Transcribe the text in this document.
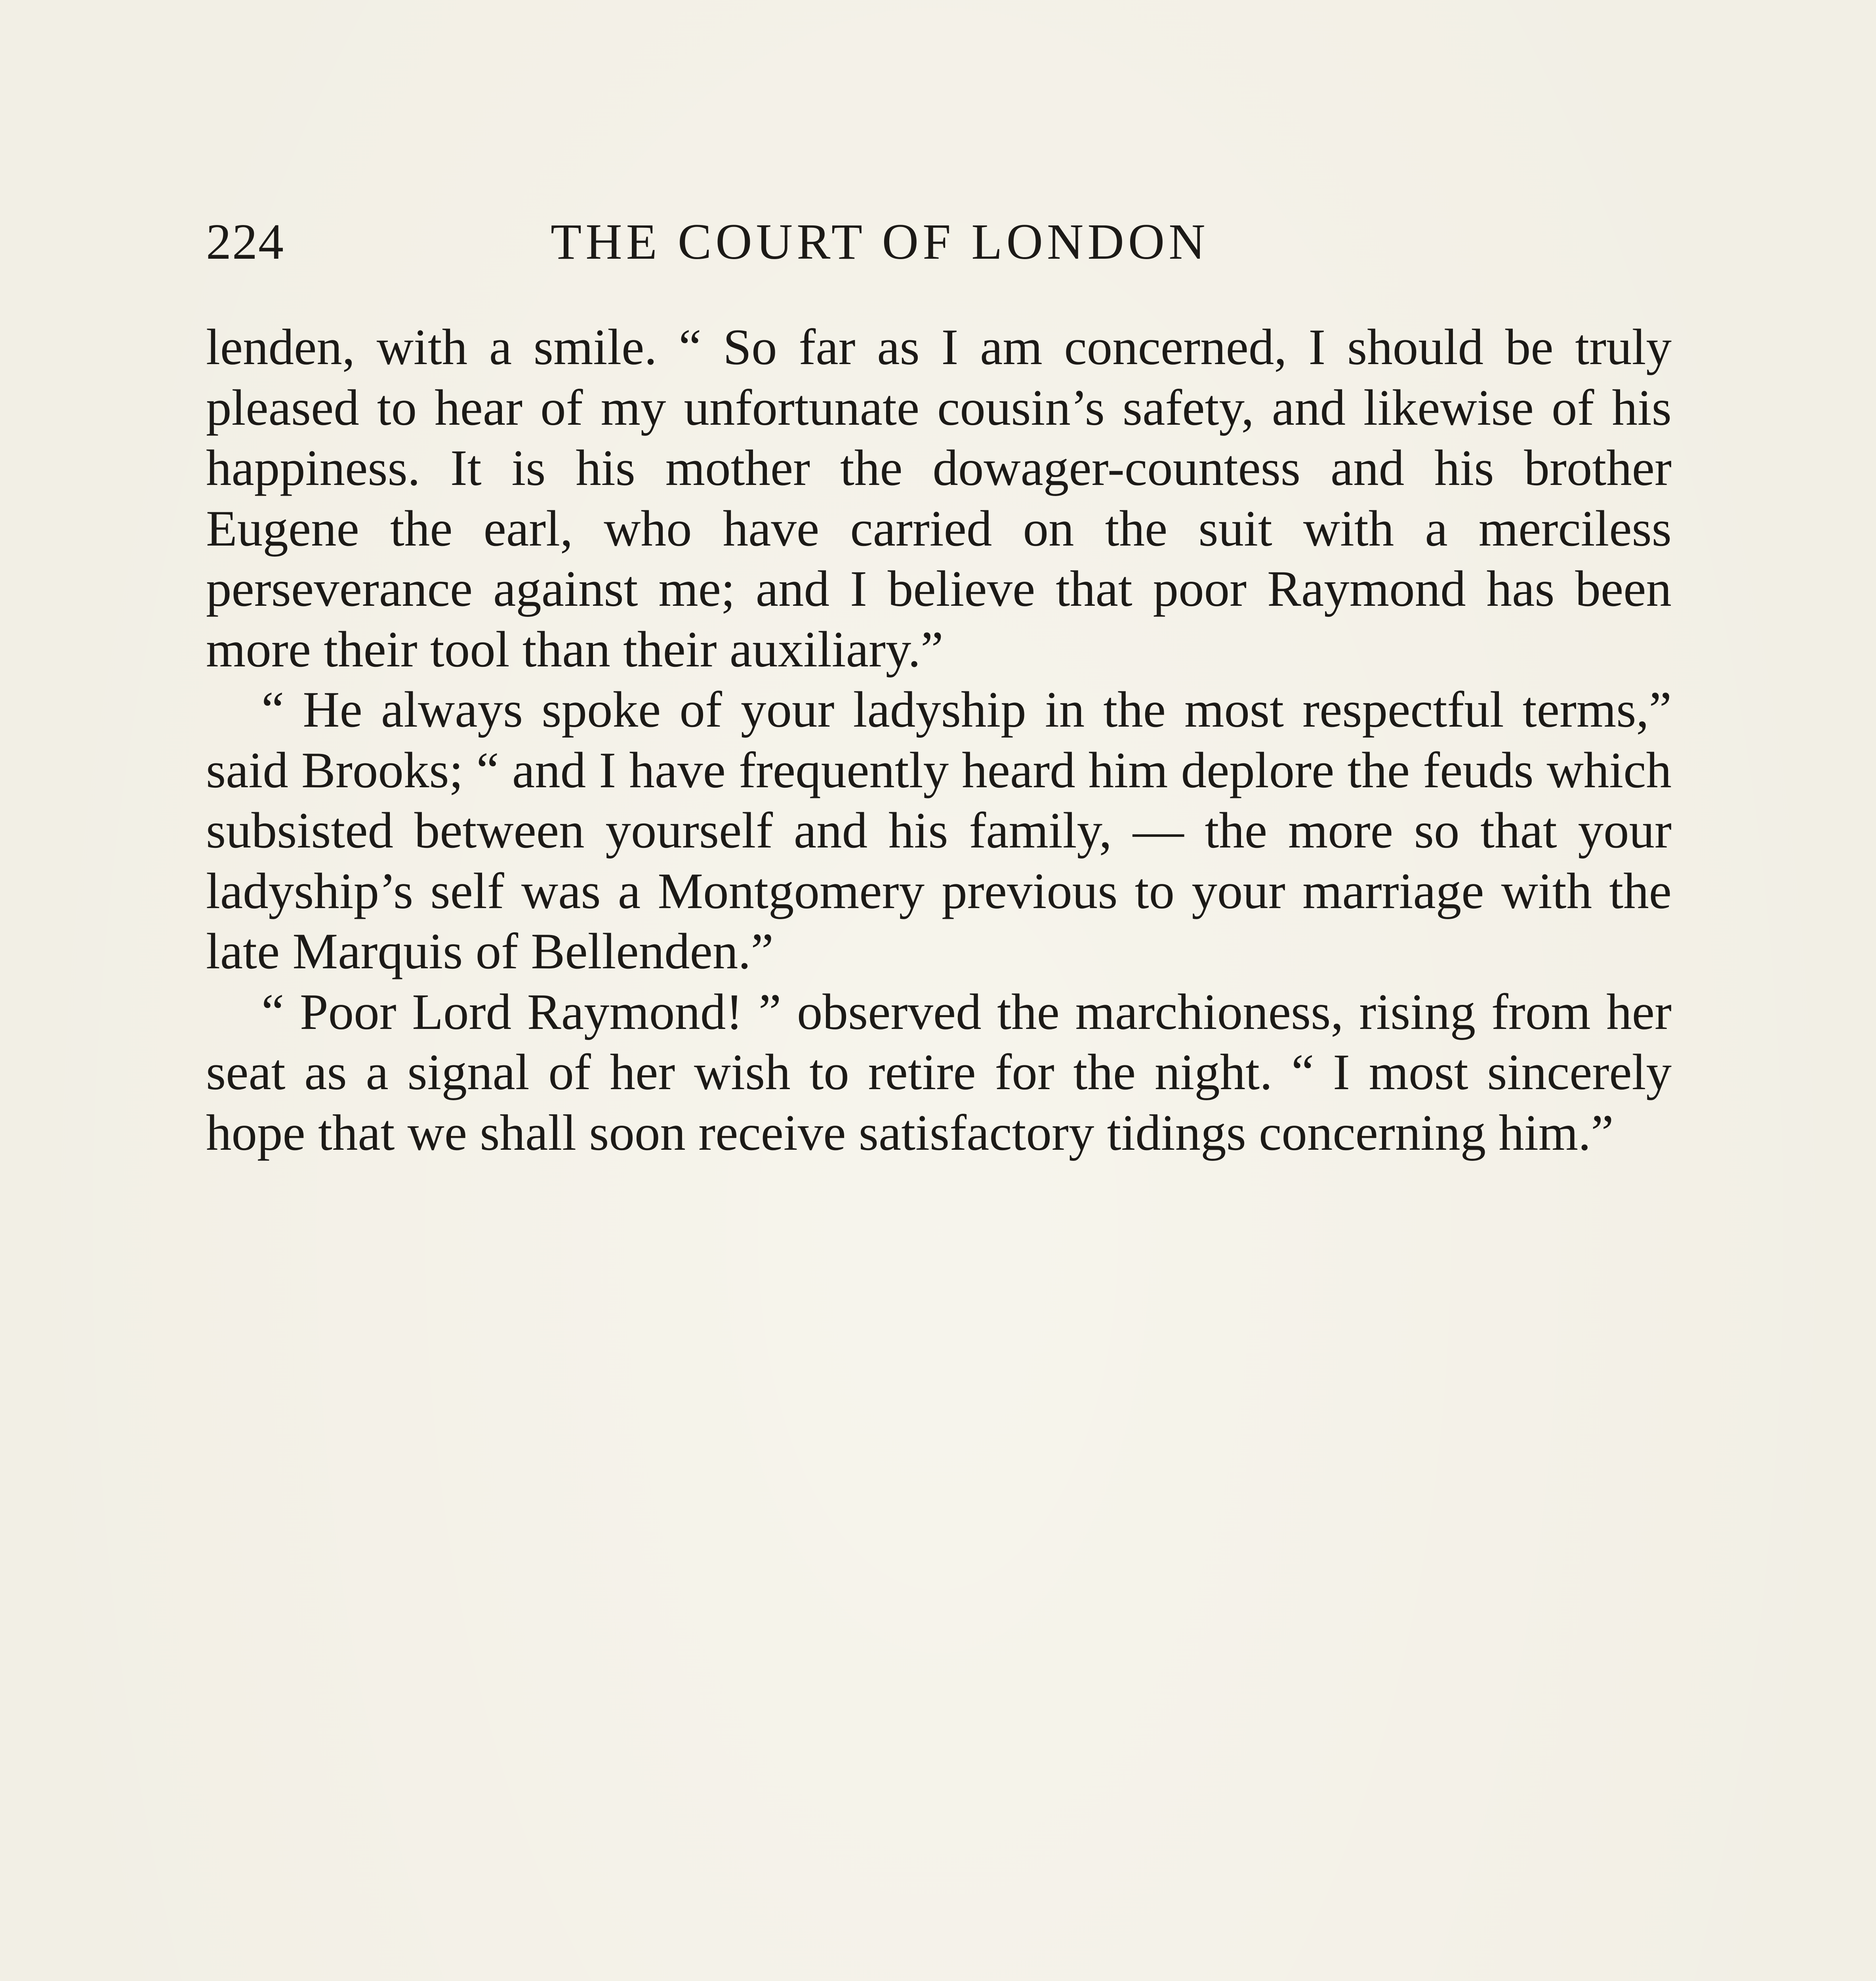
224	THE COURT OF LONDON

lenden, with a smile. “ So far as I am concerned, I should be truly pleased to hear of my unfortunate cousin’s safety, and likewise of his happiness. It is his mother the dowager-countess and his brother Eugene the earl, who have carried on the suit with a merciless perseverance against me; and I believe that poor Raymond has been more their tool than their auxiliary.”

“ He always spoke of your ladyship in the most respectful terms,” said Brooks; “ and I have frequently heard him deplore the feuds which subsisted between yourself and his family, — the more so that your ladyship’s self was a Montgomery previous to your marriage with the late Marquis of Bellenden.”

“ Poor Lord Raymond! ” observed the marchioness, rising from her seat as a signal of her wish to retire for the night. “ I most sincerely hope that we shall soon receive satisfactory tidings concerning him.”
